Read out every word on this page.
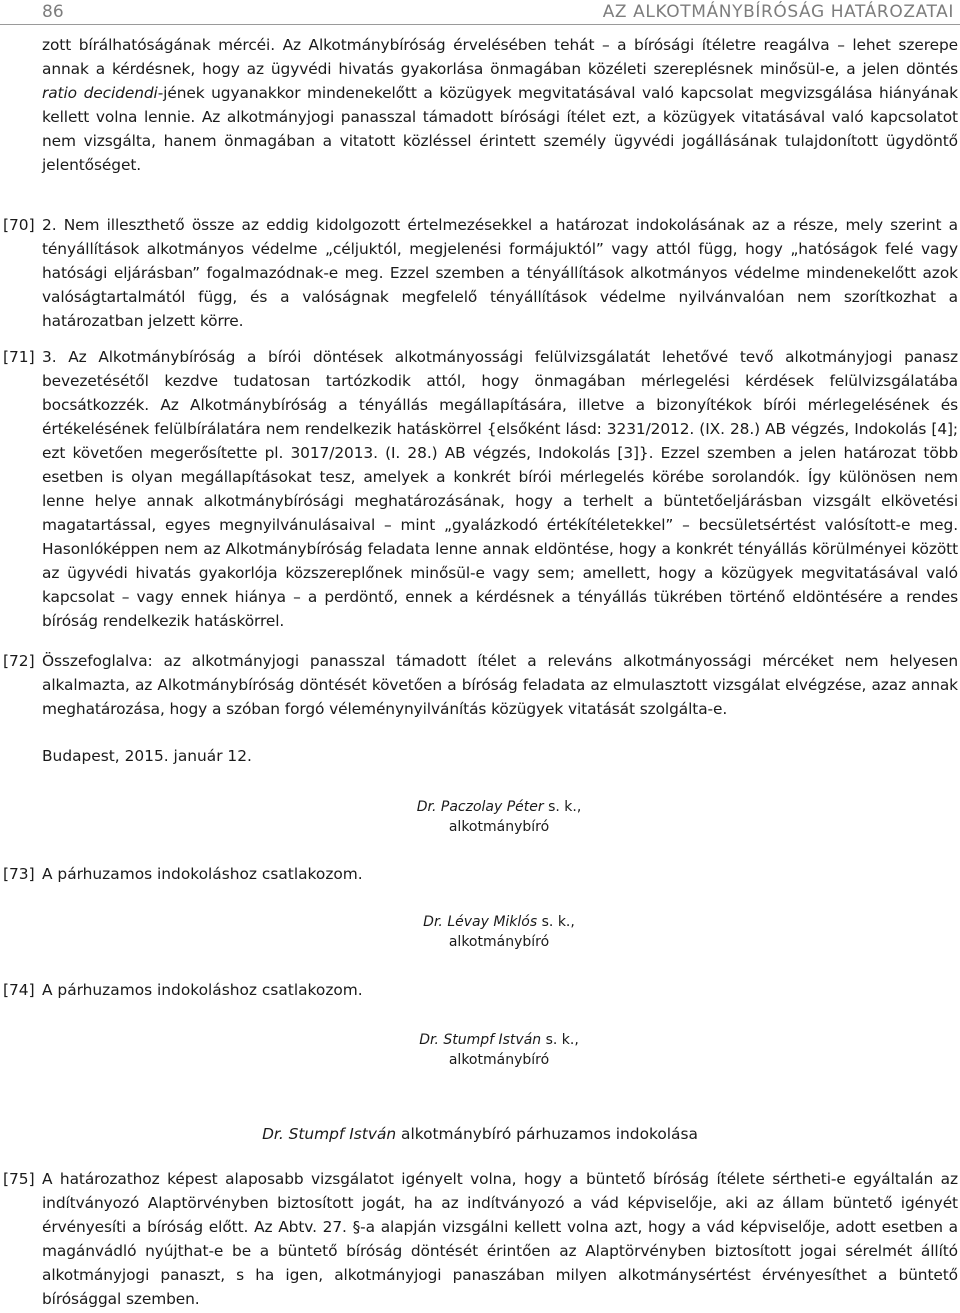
86	AZ ALKOTMÁNYBÍRÓSÁG HATÁROZATAI
zott bírálhatóságának mércéi. Az Alkotmánybíróság érvelésében tehát – a bírósági ítéletre reagálva – lehet szerepe annak a kérdésnek, hogy az ügyvédi hivatás gyakorlása önmagában közéleti szereplésnek minősül-e, a jelen döntés ratio decidendi-jének ugyanakkor mindenekelőtt a közügyek megvitatásával való kapcsolat megvizsgálása hiányának kellett volna lennie. Az alkotmányjogi panasszal támadott bírósági ítélet ezt, a közügyek vitatásával való kapcsolatot nem vizsgálta, hanem önmagában a vitatott közléssel érintett személy ügyvédi jogállásának tulajdonított ügydöntő jelentőséget.
[70] 2. Nem illeszthető össze az eddig kidolgozott értelmezésekkel a határozat indokolásának az a része, mely szerint a tényállítások alkotmányos védelme „céljuktól, megjelenési formájuktól” vagy attól függ, hogy „hatóságok felé vagy hatósági eljárásban” fogalmazódnak-e meg. Ezzel szemben a tényállítások alkotmányos védelme mindenekelőtt azok valóságtartalmától függ, és a valóságnak megfelelő tényállítások védelme nyilvánvalóan nem szorítkozhat a határozatban jelzett körre.
[71] 3. Az Alkotmánybíróság a bírói döntések alkotmányossági felülvizsgálatát lehetővé tevő alkotmányjogi panasz bevezetésétől kezdve tudatosan tartózkodik attól, hogy önmagában mérlegelési kérdések felülvizsgálatába bocsátkozzék. Az Alkotmánybíróság a tényállás megállapítására, illetve a bizonyítékok bírói mérlegelésének és értékelésének felülbírálatára nem rendelkezik hatáskörrel {elsőként lásd: 3231/2012. (IX. 28.) AB végzés, Indokolás [4]; ezt követően megerősítette pl. 3017/2013. (I. 28.) AB végzés, Indokolás [3]}. Ezzel szemben a jelen határozat több esetben is olyan megállapításokat tesz, amelyek a konkrét bírói mérlegelés körébe sorolandók. Így különösen nem lenne helye annak alkotmánybírósági meghatározásának, hogy a terhelt a büntetőeljárásban vizsgált elkövetési magatartással, egyes megnyilvánulásaival – mint „gyalázkodó értékítéletekkel” – becsületsértést valósított-e meg. Hasonlóképpen nem az Alkotmánybíróság feladata lenne annak eldöntése, hogy a konkrét tényállás körülményei között az ügyvédi hivatás gyakorlója közszereplőnek minősül-e vagy sem; amellett, hogy a közügyek megvitatásával való kapcsolat – vagy ennek hiánya – a perdöntő, ennek a kérdésnek a tényállás tükrében történő eldöntésére a rendes bíróság rendelkezik hatáskörrel.
[72] Összefoglalva: az alkotmányjogi panasszal támadott ítélet a releváns alkotmányossági mércéket nem helyesen alkalmazta, az Alkotmánybíróság döntését követően a bíróság feladata az elmulasztott vizsgálat elvégzése, azaz annak meghatározása, hogy a szóban forgó véleménynyilvánítás közügyek vitatását szolgálta-e.
Budapest, 2015. január 12.
Dr. Paczolay Péter s. k.,
alkotmánybíró
[73] A párhuzamos indokoláshoz csatlakozom.
Dr. Lévay Miklós s. k.,
alkotmánybíró
[74] A párhuzamos indokoláshoz csatlakozom.
Dr. Stumpf István s. k.,
alkotmánybíró
Dr. Stumpf István alkotmánybíró párhuzamos indokolása
[75] A határozathoz képest alaposabb vizsgálatot igényelt volna, hogy a büntető bíróság ítélete sértheti-e egyáltalán az indítványozó Alaptörvényben biztosított jogát, ha az indítványozó a vád képviselője, aki az állam büntető igényét érvényesíti a bíróság előtt. Az Abtv. 27. §-a alapján vizsgálni kellett volna azt, hogy a vád képviselője, adott esetben a magánvádló nyújthat-e be a büntető bíróság döntését érintően az Alaptörvényben biztosított jogai sérelmét állító alkotmányjogi panaszt, s ha igen, alkotmányjogi panaszában milyen alkotmánysértést érvényesíthet a büntető bírósággal szemben.
